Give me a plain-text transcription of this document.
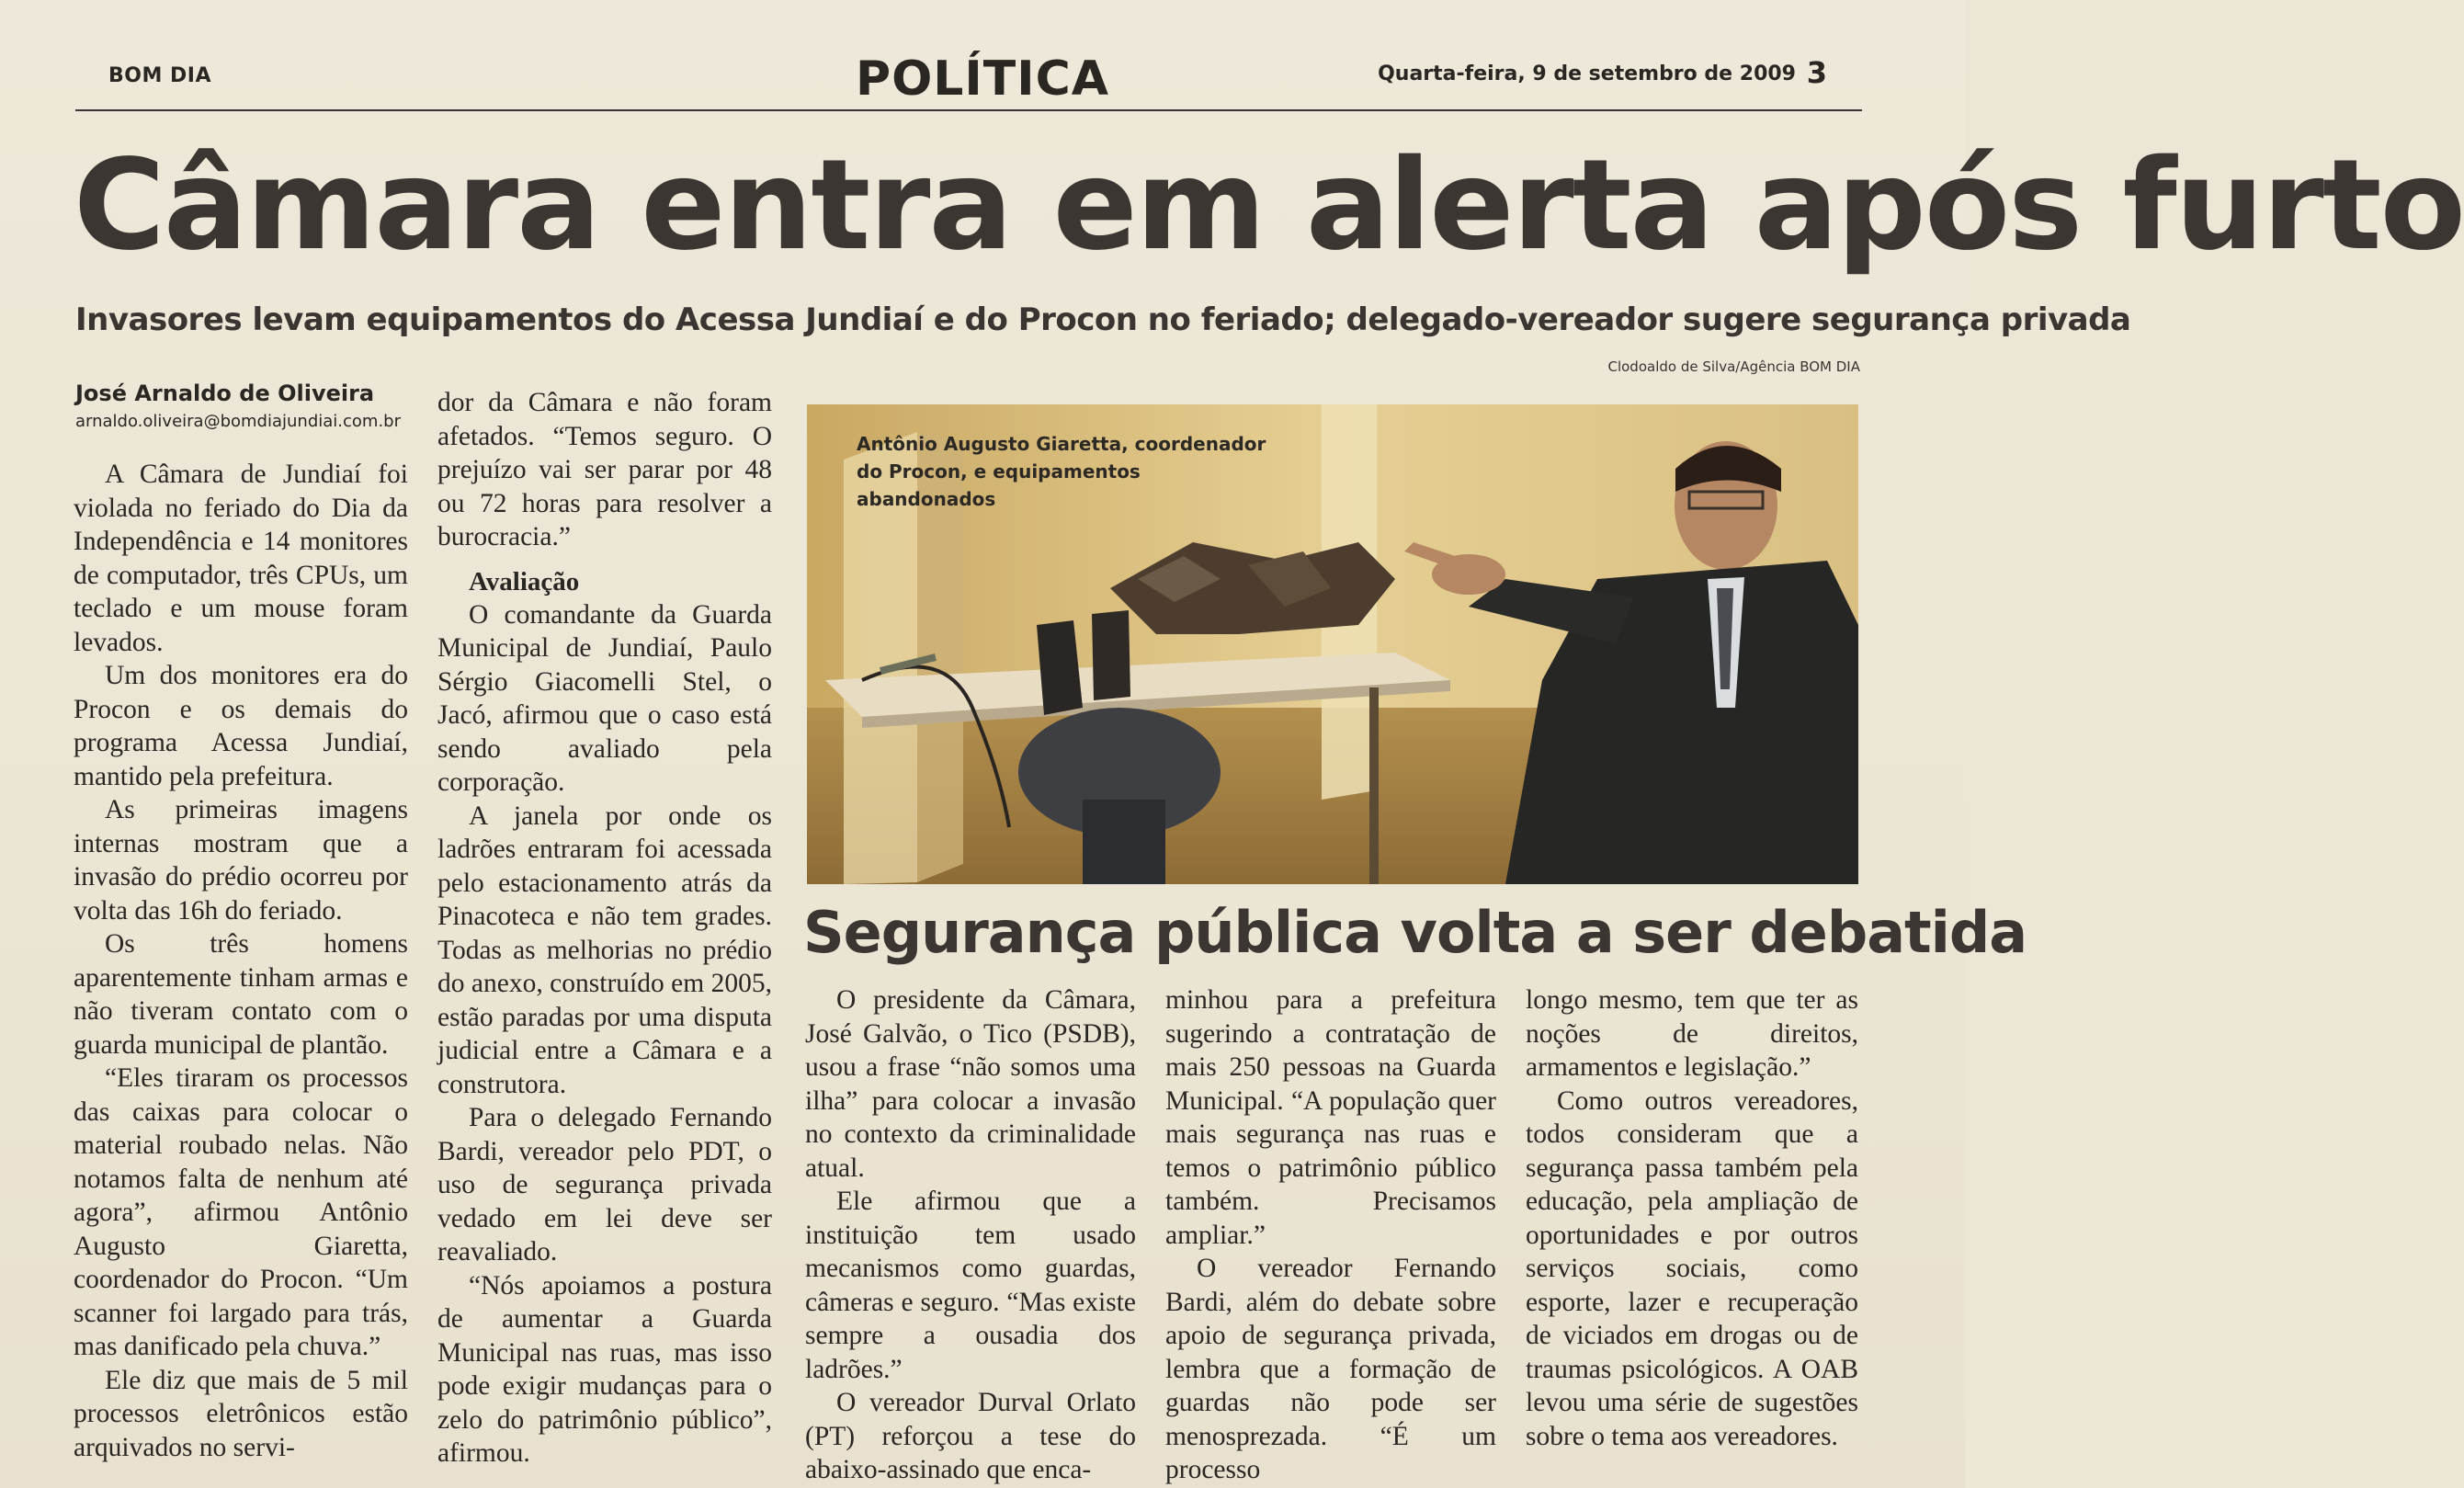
BOM DIA	POLÍTICA	Quarta-feira, 9 de setembro de 2009 3
Câmara entra em alerta após furto
Invasores levam equipamentos do Acessa Jundiaí e do Procon no feriado; delegado-vereador sugere segurança privada
Clodoaldo de Silva/Agência BOM DIA
José Arnaldo de Oliveira
arnaldo.oliveira@bomdiajundiai.com.br

A Câmara de Jundiaí foi violada no feriado do Dia da Independência e 14 monitores de computador, três CPUs, um teclado e um mouse foram levados.

Um dos monitores era do Procon e os demais do programa Acessa Jundiaí, mantido pela prefeitura.

As primeiras imagens internas mostram que a invasão do prédio ocorreu por volta das 16h do feriado.

Os três homens aparentemente tinham armas e não tiveram contato com o guarda municipal de plantão.

“Eles tiraram os processos das caixas para colocar o material roubado nelas. Não notamos falta de nenhum até agora”, afirmou Antônio Augusto Giaretta, coordenador do Procon. “Um scanner foi largado para trás, mas danificado pela chuva.”

Ele diz que mais de 5 mil processos eletrônicos estão arquivados no servi-

dor da Câmara e não foram afetados. “Temos seguro. O prejuízo vai ser parar por 48 ou 72 horas para resolver a burocracia.”

Avaliação

O comandante da Guarda Municipal de Jundiaí, Paulo Sérgio Giacomelli Stel, o Jacó, afirmou que o caso está sendo avaliado pela corporação.

A janela por onde os ladrões entraram foi acessada pelo estacionamento atrás da Pinacoteca e não tem grades. Todas as melhorias no prédio do anexo, construído em 2005, estão paradas por uma disputa judicial entre a Câmara e a construtora.

Para o delegado Fernando Bardi, vereador pelo PDT, o uso de segurança privada vedado em lei deve ser reavaliado.

“Nós apoiamos a postura de aumentar a Guarda Municipal nas ruas, mas isso pode exigir mudanças para o zelo do patrimônio público”, afirmou.

Antônio Augusto Giaretta, coordenador do Procon, e equipamentos abandonados
Segurança pública volta a ser debatida

O presidente da Câmara, José Galvão, o Tico (PSDB), usou a frase “não somos uma ilha” para colocar a invasão no contexto da criminalidade atual.

Ele afirmou que a instituição tem usado mecanismos como guardas, câmeras e seguro. “Mas existe sempre a ousadia dos ladrões.”

O vereador Durval Orlato (PT) reforçou a tese do abaixo-assinado que enca-

minhou para a prefeitura sugerindo a contratação de mais 250 pessoas na Guarda Municipal. “A população quer mais segurança nas ruas e temos o patrimônio público também. Precisamos ampliar.”

O vereador Fernando Bardi, além do debate sobre apoio de segurança privada, lembra que a formação de guardas não pode ser menosprezada. “É um processo

longo mesmo, tem que ter as noções de direitos, armamentos e legislação.”

Como outros vereadores, todos consideram que a segurança passa também pela educação, pela ampliação de oportunidades e por outros serviços sociais, como esporte, lazer e recuperação de viciados em drogas ou de traumas psicológicos. A OAB levou uma série de sugestões sobre o tema aos vereadores.
